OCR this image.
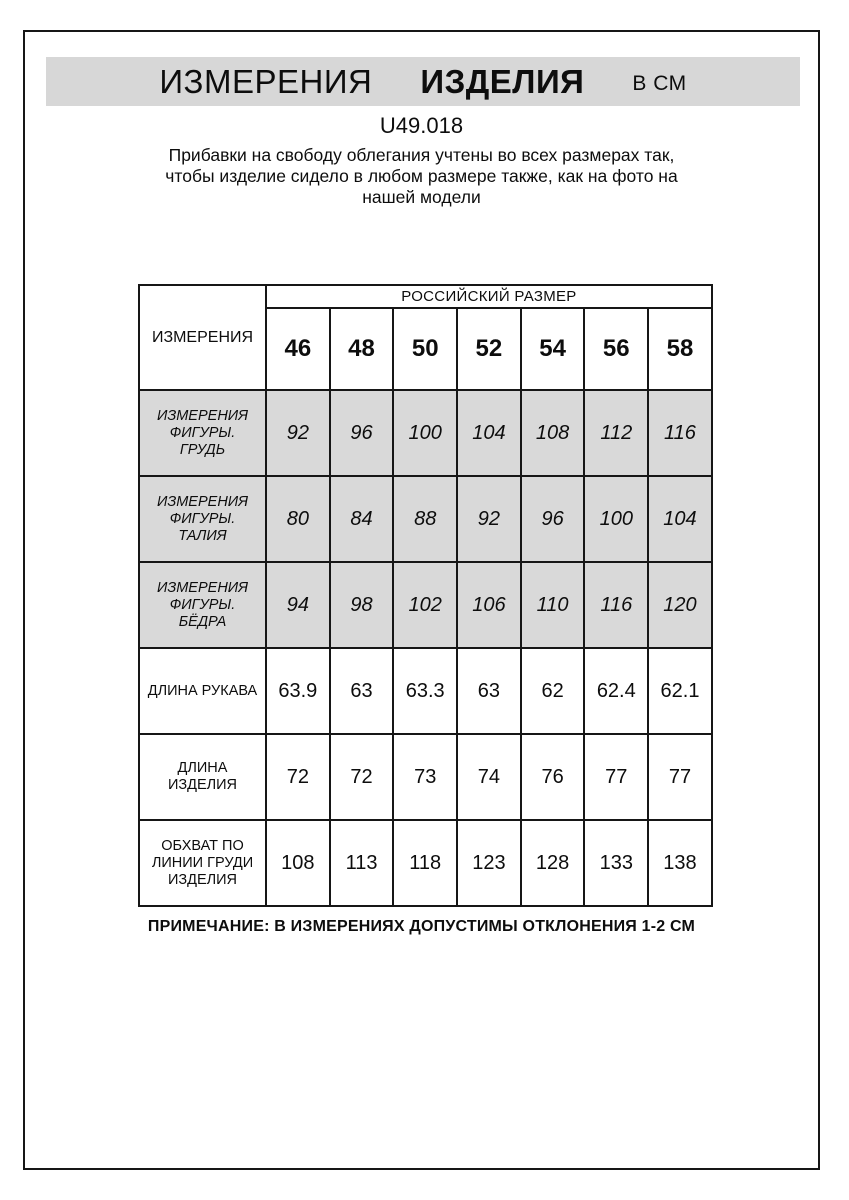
ИЗМЕРЕНИЯ ИЗДЕЛИЯ В СМ
U49.018
Прибавки на свободу облегания учтены во всех размерах так,
чтобы изделие сидело в любом размере также, как на фото на
нашей модели
ИЗМЕРЕНИЯ	РОССИЙСКИЙ РАЗМЕР						
	46	48	50	52	54	56	58
ИЗМЕРЕНИЯ ФИГУРЫ. ГРУДЬ	92	96	100	104	108	112	116
ИЗМЕРЕНИЯ ФИГУРЫ. ТАЛИЯ	80	84	88	92	96	100	104
ИЗМЕРЕНИЯ ФИГУРЫ. БЁДРА	94	98	102	106	110	116	120
ДЛИНА РУКАВА	63.9	63	63.3	63	62	62.4	62.1
ДЛИНА ИЗДЕЛИЯ	72	72	73	74	76	77	77
ОБХВАТ ПО ЛИНИИ ГРУДИ ИЗДЕЛИЯ	108	113	118	123	128	133	138
ПРИМЕЧАНИЕ: В ИЗМЕРЕНИЯХ ДОПУСТИМЫ ОТКЛОНЕНИЯ 1-2 СМ
